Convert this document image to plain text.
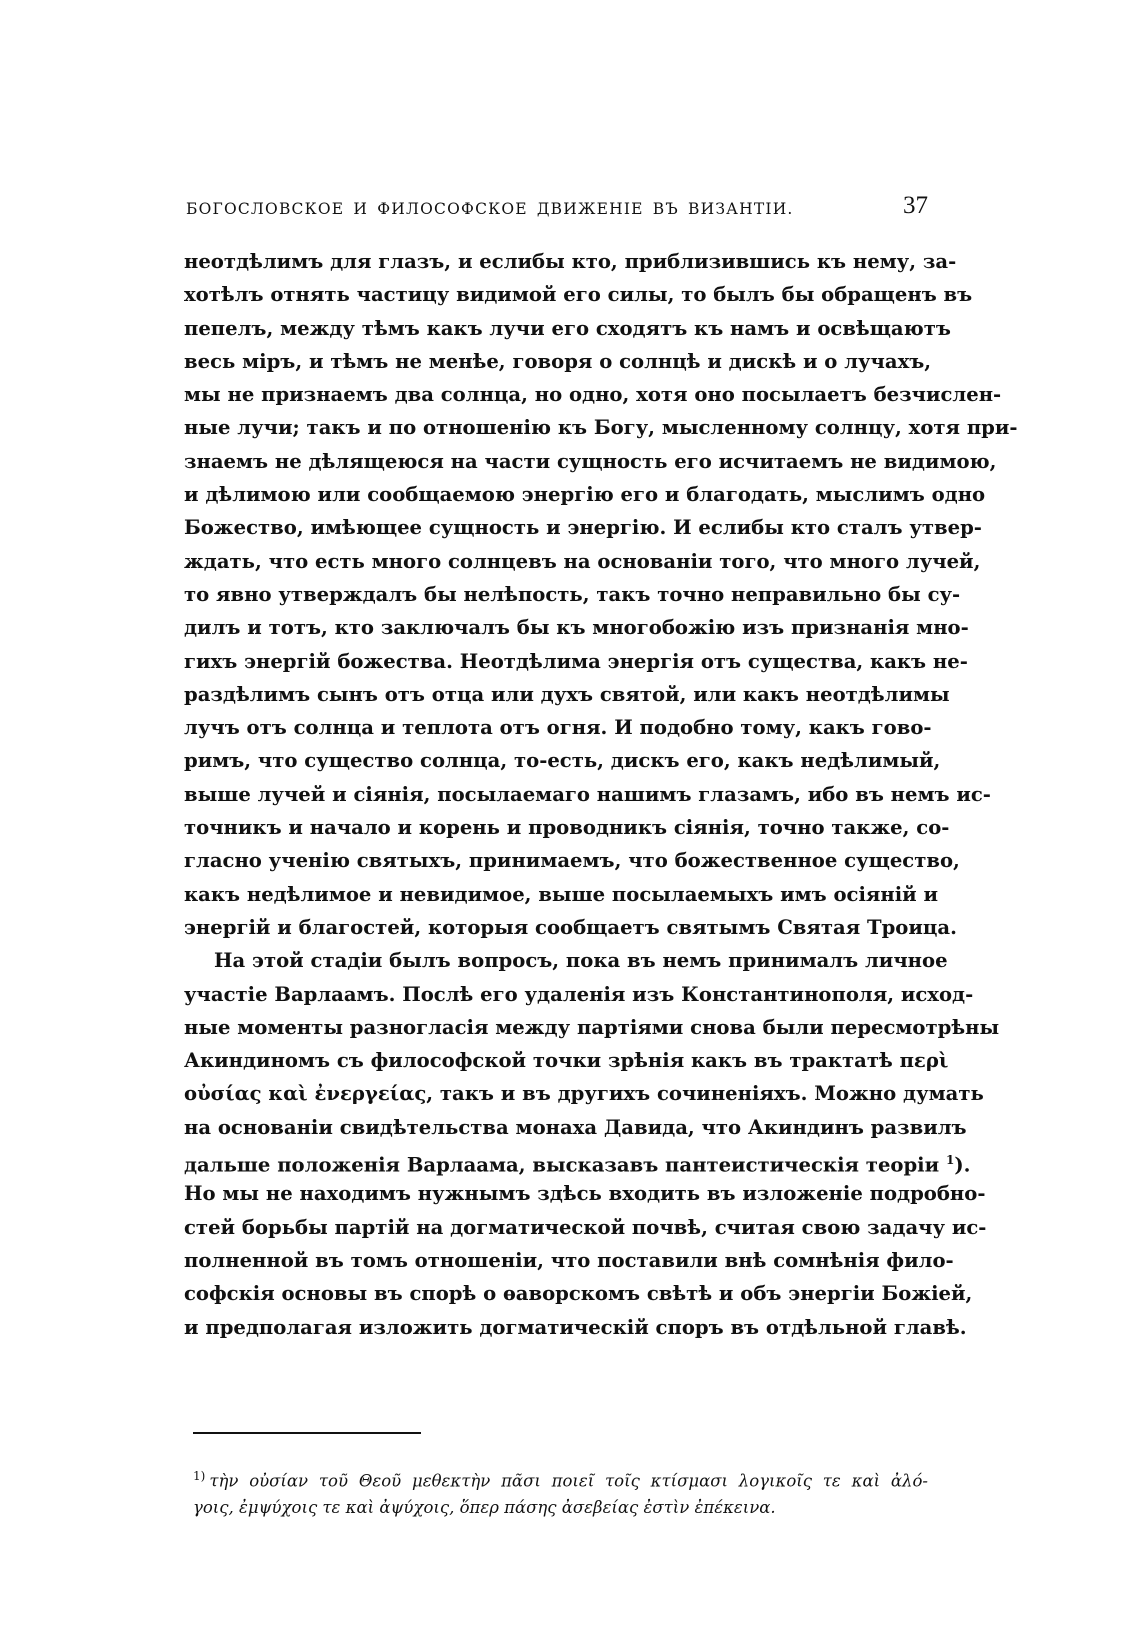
БОГОСЛОВСКОЕ И ФИЛОСОФСКОЕ ДВИЖЕНІЕ ВЪ ВИЗАНТІИ.	37
неотдѣлимъ для глазъ, и еслибы кто, приблизившись къ нему, за-
хотѣлъ отнять частицу видимой его силы, то былъ бы обращенъ въ
пепелъ, между тѣмъ какъ лучи его сходятъ къ намъ и освѣщаютъ
весь міръ, и тѣмъ не менѣе, говоря о солнцѣ и дискѣ и о лучахъ,
мы не признаемъ два солнца, но одно, хотя оно посылаетъ безчислен-
ные лучи; такъ и по отношенію къ Богу, мысленному солнцу, хотя при-
знаемъ не дѣлящеюся на части сущность его исчитаемъ не видимою,
и дѣлимою или сообщаемою энергію его и благодать, мыслимъ одно
Божество, имѣющее сущность и энергію. И еслибы кто сталъ утвер-
ждать, что есть много солнцевъ на основаніи того, что много лучей,
то явно утверждалъ бы нелѣпость, такъ точно неправильно бы су-
дилъ и тотъ, кто заключалъ бы къ многобожію изъ признанія мно-
гихъ энергій божества. Неотдѣлима энергія отъ существа, какъ не-
раздѣлимъ сынъ отъ отца или духъ святой, или какъ неотдѣлимы
лучъ отъ солнца и теплота отъ огня. И подобно тому, какъ гово-
римъ, что существо солнца, то-есть, дискъ его, какъ недѣлимый,
выше лучей и сіянія, посылаемаго нашимъ глазамъ, ибо въ немъ ис-
точникъ и начало и корень и проводникъ сіянія, точно также, со-
гласно ученію святыхъ, принимаемъ, что божественное существо,
какъ недѣлимое и невидимое, выше посылаемыхъ имъ осіяній и
энергій и благостей, которыя сообщаетъ святымъ Святая Троица.
На этой стадіи былъ вопросъ, пока въ немъ принималъ личное
участіе Варлаамъ. Послѣ его удаленія изъ Константинополя, исход-
ные моменты разногласія между партіями снова были пересмотрѣны
Акиндиномъ съ философской точки зрѣнія какъ въ трактатѣ περὶ
οὐσίας καὶ ἐνεργείας, такъ и въ другихъ сочиненіяхъ. Можно думать
на основаніи свидѣтельства монаха Давида, что Акиндинъ развилъ
дальше положенія Варлаама, высказавъ пантеистическія теоріи $^1$).
Но мы не находимъ нужнымъ здѣсь входить въ изложеніе подробно-
стей борьбы партій на догматической почвѣ, считая свою задачу ис-
полненной въ томъ отношеніи, что поставили внѣ сомнѣнія фило-
софскія основы въ спорѣ о ѳаворскомъ свѣтѣ и объ энергіи Божіей,
и предполагая изложить догматическій споръ въ отдѣльной главѣ.
$^{1)}$ τὴν οὐσίαν τοῦ Θεοῦ μεθεκτὴν πᾶσι ποιεῖ τοῖς κτίσμασι λογικοῖς τε καὶ ἀλό-
γοις, ἐμψύχοις τε καὶ ἀψύχοις, ὅπερ πάσης ἀσεβείας ἐστὶν ἐπέκεινα.
